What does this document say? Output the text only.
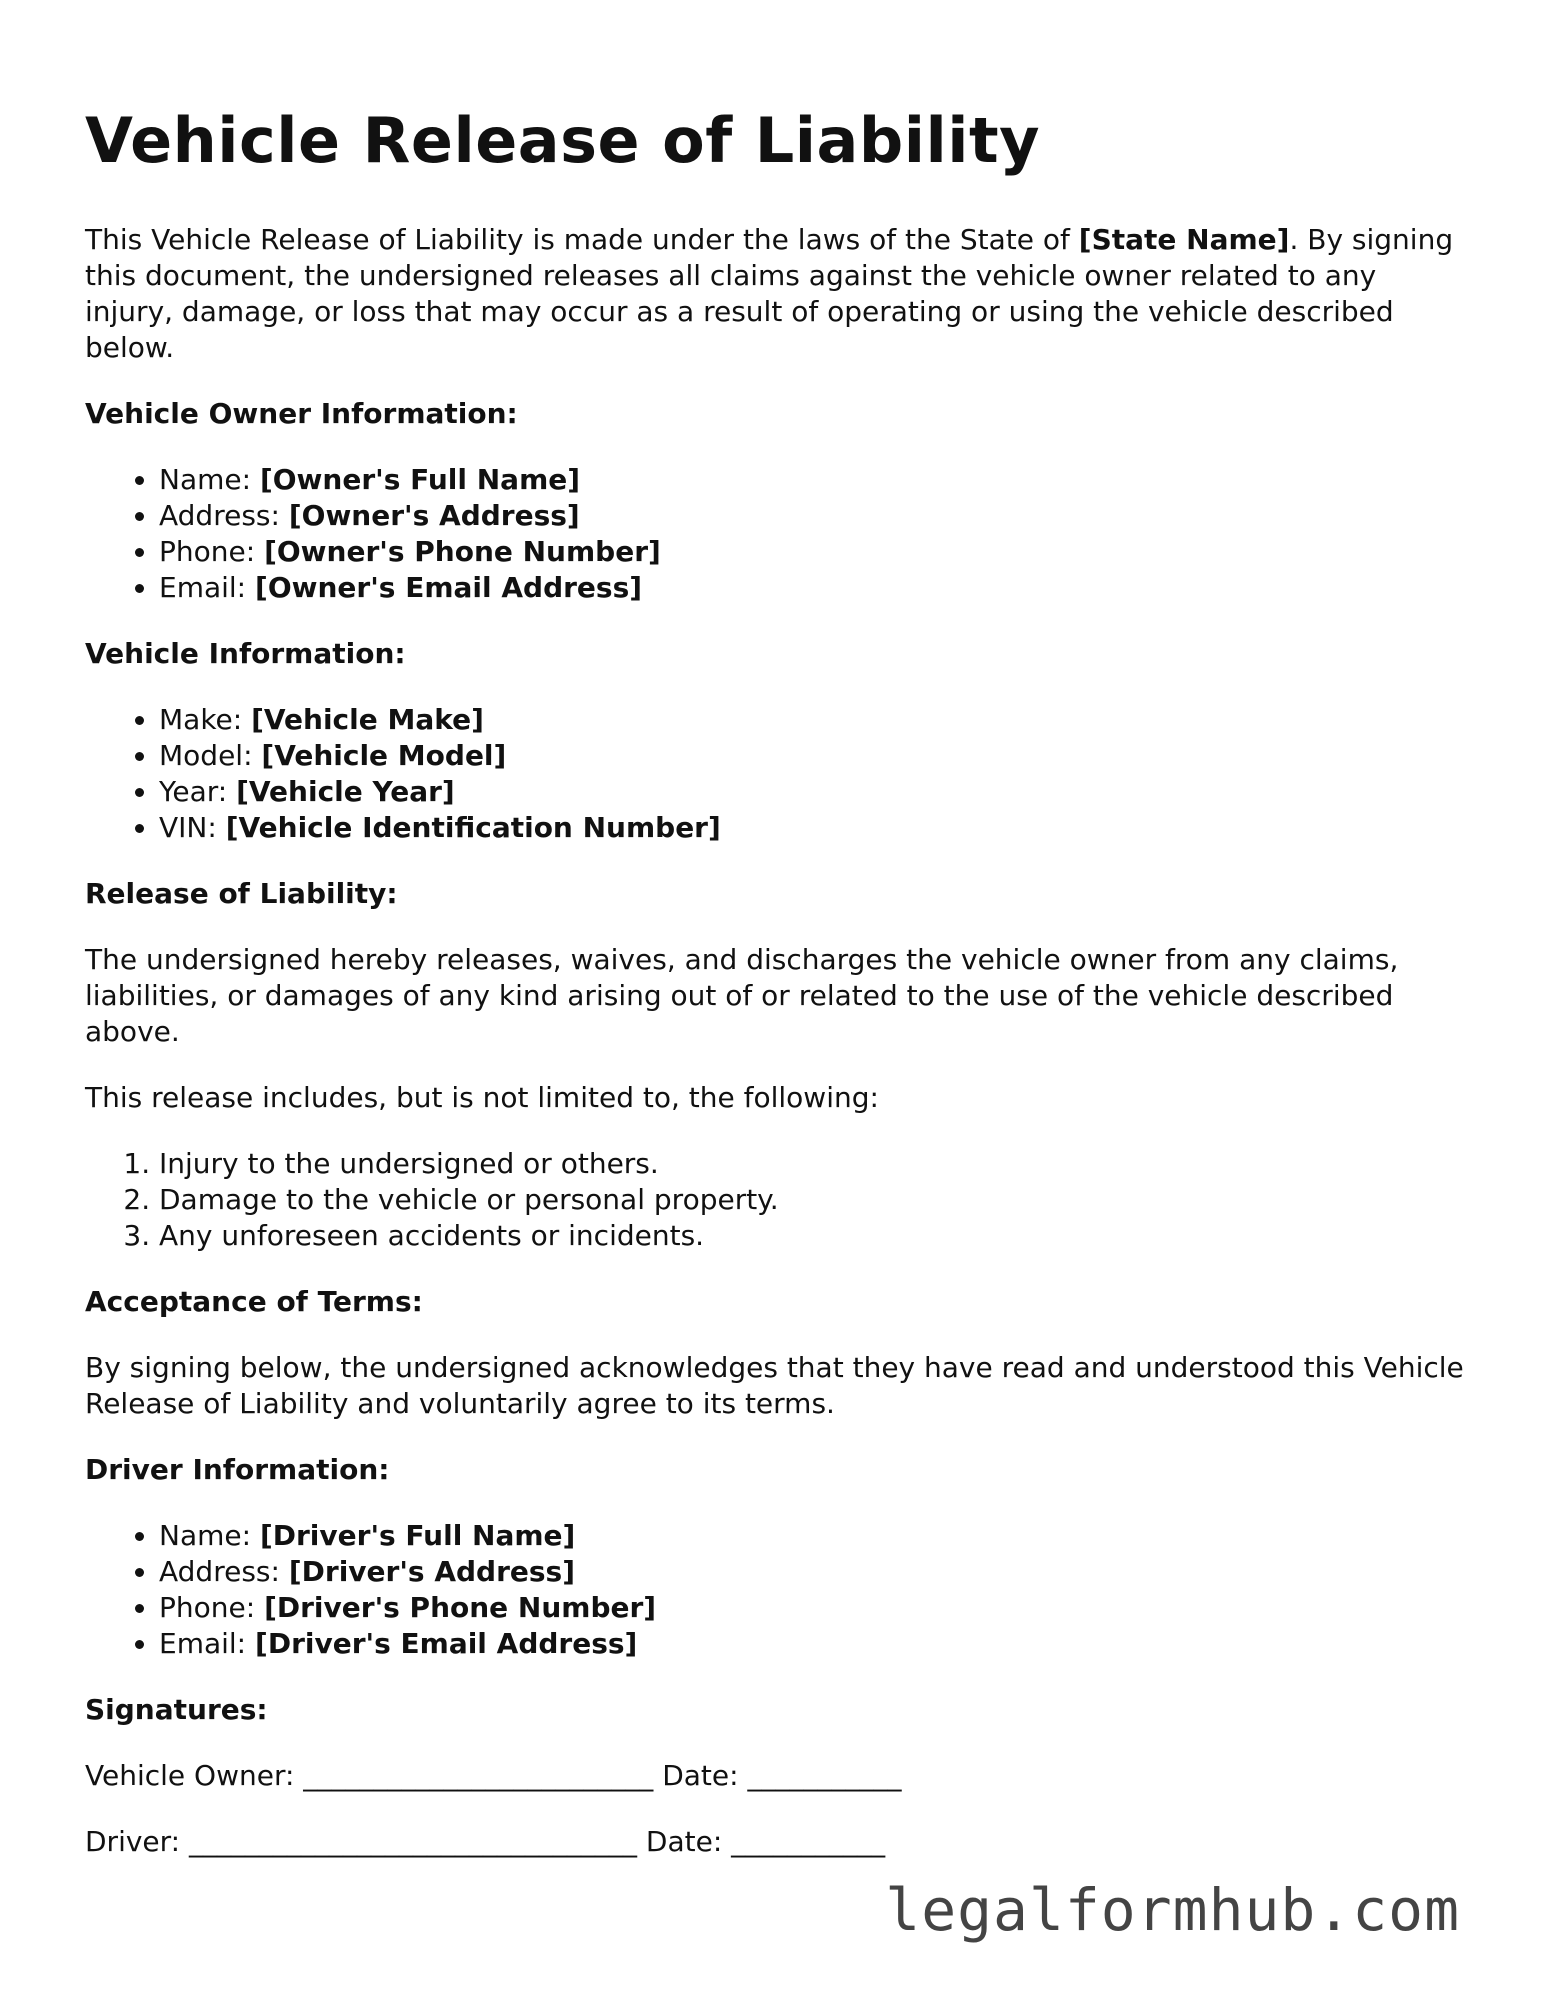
Vehicle Release of Liability

This Vehicle Release of Liability is made under the laws of the State of [State Name]. By signing this document, the undersigned releases all claims against the vehicle owner related to any injury, damage, or loss that may occur as a result of operating or using the vehicle described below.

Vehicle Owner Information:

• Name: [Owner's Full Name]
• Address: [Owner's Address]
• Phone: [Owner's Phone Number]
• Email: [Owner's Email Address]

Vehicle Information:

• Make: [Vehicle Make]
• Model: [Vehicle Model]
• Year: [Vehicle Year]
• VIN: [Vehicle Identification Number]

Release of Liability:

The undersigned hereby releases, waives, and discharges the vehicle owner from any claims, liabilities, or damages of any kind arising out of or related to the use of the vehicle described above.

This release includes, but is not limited to, the following:

1. Injury to the undersigned or others.
2. Damage to the vehicle or personal property.
3. Any unforeseen accidents or incidents.

Acceptance of Terms:

By signing below, the undersigned acknowledges that they have read and understood this Vehicle Release of Liability and voluntarily agree to its terms.

Driver Information:

• Name: [Driver's Full Name]
• Address: [Driver's Address]
• Phone: [Driver's Phone Number]
• Email: [Driver's Email Address]

Signatures:

Vehicle Owner: _________________________ Date: ___________

Driver: ________________________________ Date: ___________

legalformhub.com
